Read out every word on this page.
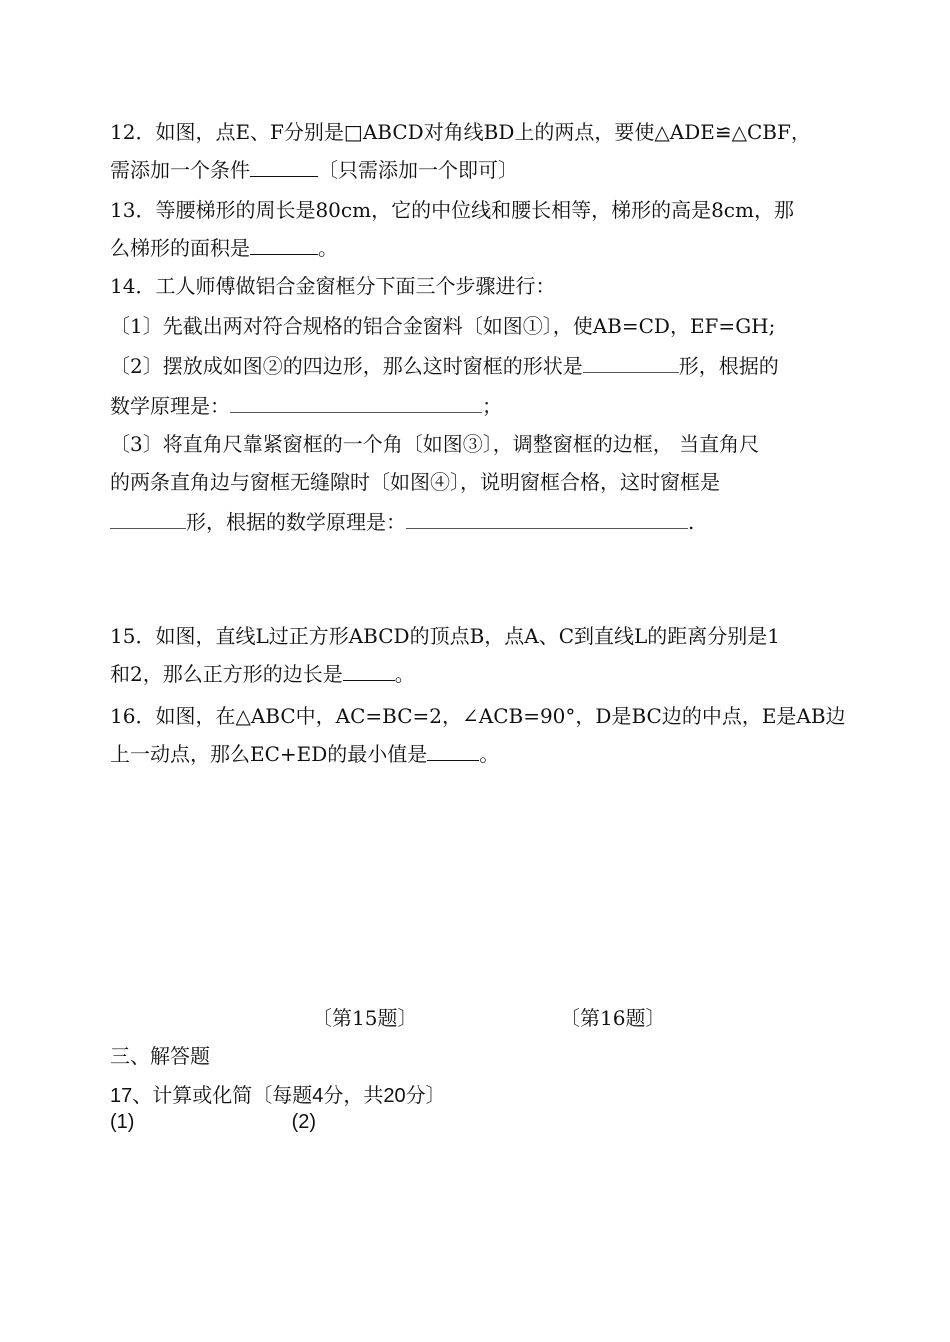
12．如图，点E、F分别是□ABCD对角线BD上的两点，要使△ADE≌△CBF，
需添加一个条件	〔只需添加一个即可〕
13．等腰梯形的周长是80cm，它的中位线和腰长相等，梯形的高是8cm，那
么梯形的面积是	。
14．工人师傅做铝合金窗框分下面三个步骤进行：
〔1〕先截出两对符合规格的铝合金窗料〔如图①〕，使AB=CD，EF=GH;
〔2〕摆放成如图②的四边形，那么这时窗框的形状是	形，根据的
数学原理是：	；
〔3〕将直角尺靠紧窗框的一个角〔如图③〕，调整窗框的边框， 当直角尺
的两条直角边与窗框无缝隙时〔如图④〕，说明窗框合格，这时窗框是
形，根据的数学原理是：	.
15．如图，直线L过正方形ABCD的顶点B，点A、C到直线L的距离分别是1
和2，那么正方形的边长是	。
16．如图，在△ABC中，AC=BC=2，∠ACB=90°，D是BC边的中点，E是AB边
上一动点，那么EC+ED的最小值是	。
〔第15题〕	〔第16题〕
三、解答题
17、计算或化简〔每题4分，共20分〕
(1)	(2)
